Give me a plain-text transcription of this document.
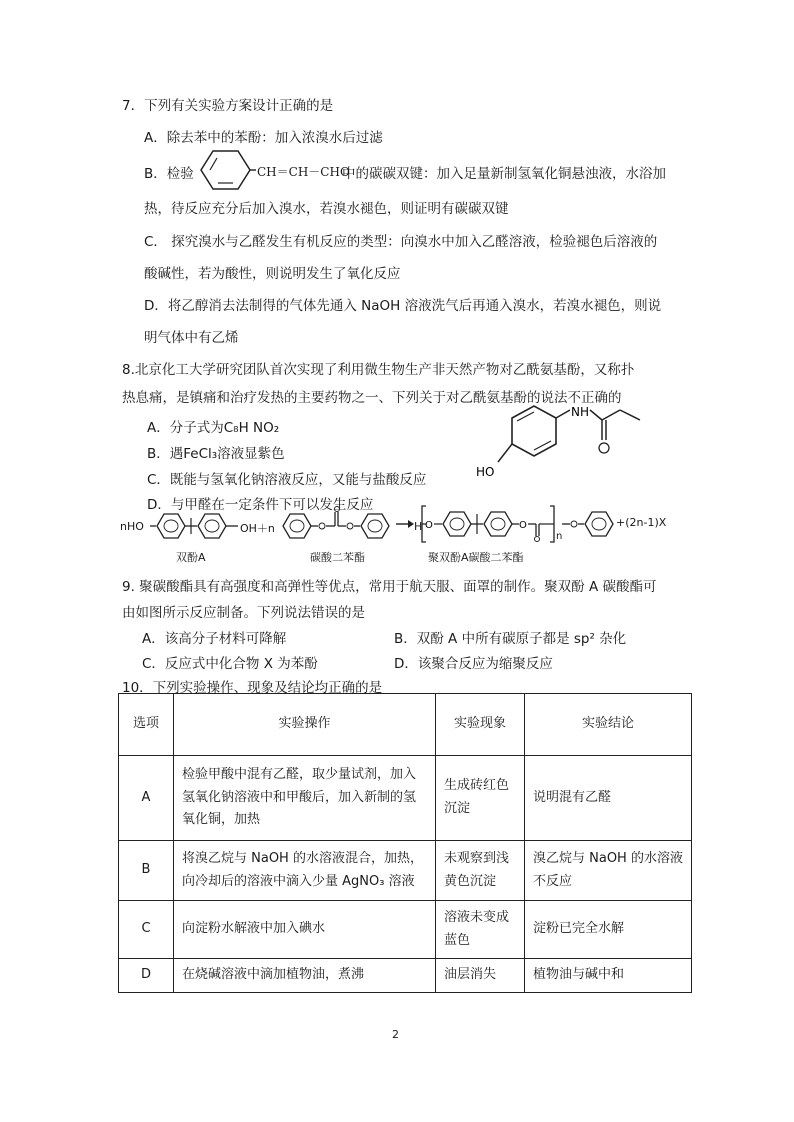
7．下列有关实验方案设计正确的是
A．除去苯中的苯酚：加入浓溴水后过滤
B．检验	CH＝CH－CHO
中的碳碳双键：加入足量新制氢氧化铜悬浊液，水浴加
热，待反应充分后加入溴水，若溴水褪色，则证明有碳碳双键
C． 探究溴水与乙醛发生有机反应的类型：向溴水中加入乙醛溶液，检验褪色后溶液的
酸碱性，若为酸性，则说明发生了氧化反应
D．将乙醇消去法制得的气体先通入 NaOH 溶液洗气后再通入溴水，若溴水褪色，则说
明气体中有乙烯
8.北京化工大学研究团队首次实现了利用微生物生产非天然产物对乙酰氨基酚，又称扑
热息痛，是镇痛和治疗发热的主要药物之一、下列关于对乙酰氨基酚的说法不正确的
A．分子式为C₈H NO₂
B．遇FeCl₃溶液显紫色
C．既能与氢氧化钠溶液反应，又能与盐酸反应
D．与甲醛在一定条件下可以发生反应
NH
HO
nHO	OH＋n	→ H O	O
n
+(2n-1)X
双酚A	碳酸二苯酯	聚双酚A碳酸二苯酯
9. 聚碳酸酯具有高强度和高弹性等优点，常用于航天服、面罩的制作。聚双酚 A 碳酸酯可
由如图所示反应制备。下列说法错误的是
A．该高分子材料可降解	B．双酚 A 中所有碳原子都是 sp² 杂化
C．反应式中化合物 X 为苯酚	D．该聚合反应为缩聚反应
10．下列实验操作、现象及结论均正确的是
选项	实验操作	实验现象	实验结论
A	检验甲酸中混有乙醛，取少量试剂，加入氢氧化钠溶液中和甲酸后，加入新制的氢氧化铜，加热	生成砖红色沉淀	说明混有乙醛
B	将溴乙烷与 NaOH 的水溶液混合，加热，向冷却后的溶液中滴入少量 AgNO₃ 溶液	未观察到浅黄色沉淀	溴乙烷与 NaOH 的水溶液不反应
C	向淀粉水解液中加入碘水	溶液未变成蓝色	淀粉已完全水解
D	在烧碱溶液中滴加植物油，煮沸	油层消失	植物油与碱中和
2
